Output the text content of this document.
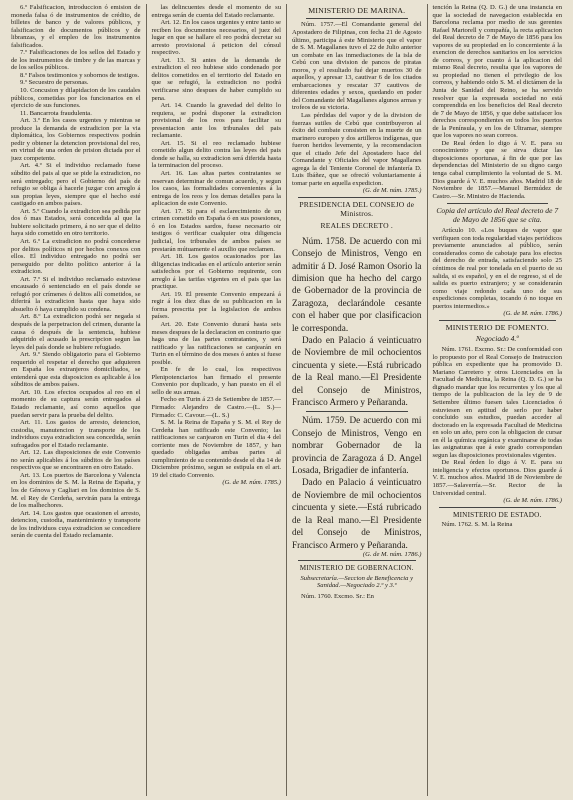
6.º Falsificacion, introduccion ó emision de moneda falsa ó de instrumentos de crédito, de billetes de banco y de valores públicos, y falsificacion de documentos públicos y de libranzas, y el empleo de los instrumentos falsificados.

7.º Falsificaciones de los sellos del Estado y de los instrumentos de timbre y de las marcas y de los sellos públicos.

8.º Falsos testimonios y sobornos de testigos.

9.º Secuestro de personas.

10. Concusion y dilapidacion de los caudales públicos, cometidas por los funcionarios en el ejercicio de sus funciones.

11. Bancarrota fraudulenta.

Art. 3.º En los casos urgentes y mientras se produce la demanda de extradicion por la via diplomática, los Gobiernos respectivos podrán pedir y obtener la detencion provisional del reo, en virtud de una orden de prision dictada por el juez competente.

Art. 4.º Si el individuo reclamado fuese súbdito del pais al que se pide la extradicion, no será entregado; pero el Gobierno del país de refugio se obliga á hacerle juzgar con arreglo á sus propias leyes, siempre que el hecho esté castigado en ambos países.

Art. 5.º Cuando la extradicion sea pedida por dos ó mas Estados, será concedida al que la hubiere solicitado primero, á no ser que el delito haya sido cometido en otro territorio.

Art. 6.º La extradicion no podrá concederse por delitos políticos ni por hechos conexos con ellos. El individuo entregado no podrá ser perseguido por delito político anterior á la extradicion.

Art. 7.º Si el individuo reclamado estuviese encausado ó sentenciado en el país donde se refugió por crímenes ó delitos allí cometidos, se diferirá la extradicion hasta que haya sido absuelto ó haya cumplido su condena.

Art. 8.º La extradicion podrá ser negada si después de la perpetracion del crimen, durante la causa ó después de la sentencia, hubiese adquirido el acusado la prescripcion segun las leyes del país donde se hubiere refugiado.

Art. 9.º Siendo obligatorio para el Gobierno requerido el respetar el derecho que adquieren en España los extranjeros domiciliados, se entenderá que esta disposicion es aplicable á los súbditos de ambos países.

Art. 10. Los efectos ocupados al reo en el momento de su captura serán entregados al Estado reclamante, así como aquellos que puedan servir para la prueba del delito.

Art. 11. Los gastos de arresto, detencion, custodia, manutencion y transporte de los individuos cuya extradicion sea concedida, serán sufragados por el Estado reclamante.

Art. 12. Las disposiciones de este Convenio no serán aplicables á los súbditos de los países respectivos que se encontraren en otro Estado.

Art. 13. Los puertos de Barcelona y Valencia en los dominios de S. M. la Reina de España, y los de Génova y Cagliari en los dominios de S. M. el Rey de Cerdeña, servirán para la entrega de los malhechores.

Art. 14. Los gastos que ocasionen el arresto, detencion, custodia, mantenimiento y transporte de los individuos cuya extradicion se concediere serán de cuenta del Estado reclamante.

las delincuentes desde el momento de su entrega serán de cuenta del Estado reclamante.

Art. 12. En los casos urgentes y entre tanto se reciben los documentos necesarios, el juez del lugar en que se hallare el reo podrá decretar su arresto provisional á peticion del cónsul respectivo.

Art. 13. Si antes de la demanda de extradicion el reo hubiese sido condenado por delitos cometidos en el territorio del Estado en que se refugió, la extradicion no podrá verificarse sino despues de haber cumplido su pena.

Art. 14. Cuando la gravedad del delito lo requiera, se podrá disponer la extradicion provisional de los reos para facilitar su presentacion ante los tribunales del pais reclamante.

Art. 15. Si el reo reclamado hubiese cometido algun delito contra las leyes del pais donde se halla, su extradicion será diferida hasta la terminacion del proceso.

Art. 16. Las altas partes contratantes se reservan determinar de comun acuerdo, y segun los casos, las formalidades convenientes á la entrega de los reos y los demas detalles para la aplicacion de este Convenio.

Art. 17. Si para el esclarecimiento de un crimen cometido en España ó en sus posesiones, ó en los Estados sardos, fuese necesario oir testigos ó verificar cualquier otra diligencia judicial, los tribunales de ambos países se prestarán mútuamente el auxilio que reclamen.

Art. 18. Los gastos ocasionados por las diligencias indicadas en el artículo anterior serán satisfechos por el Gobierno requirente, con arreglo á las tarifas vigentes en el pais que las practique.

Art. 19. El presente Convenio empezará á regir á los diez dias de su publicacion en la forma prescrita por la legislacion de ambos países.

Art. 20. Este Convenio durará hasta seis meses despues de la declaracion en contrario que haga una de las partes contratantes, y será ratificado y las ratificaciones se canjearán en Turin en el término de dos meses ó antes si fuese posible.

En fe de lo cual, los respectivos Plenipotenciarios han firmado el presente Convenio por duplicado, y han puesto en él el sello de sus armas.

Fecho en Turin á 23 de Setiembre de 1857.—Firmado: Alejandro de Castro.—(L. S.)—Firmado: C. Cavour.—(L. S.)

S. M. la Reina de España y S. M. el Rey de Cerdeña han ratificado este Convenio; las ratificaciones se canjearon en Turin el dia 4 del corriente mes de Noviembre de 1857, y han quedado obligadas ambas partes al cumplimiento de su contenido desde el dia 14 de Diciembre próximo, segun se estipula en el art. 19 del citado Convenio.

(G. de M. núm. 1785.)

MINISTERIO DE MARINA.

Núm. 1757.—El Comandante general del Apostadero de Filipinas, con fecha 21 de Agosto último, participa á este Ministerio que el vapor de S. M. Magallanes tuvo el 22 de Julio anterior un combate en las inmediaciones de la isla de Cebú con una division de pancos de piratas moros, y el resultado fué dejar muertos 30 de aquellos, y apresar 13, cautivar 6 de los citados embarcaciones y rescatar 37 cautivos de diferentes edades y sexos, quedando en poder del Comandante del Magallanes algunos armas y trofeos de su victoria.

Las pérdidas del vapor y de la division de fuerzas sutiles de Cebú que contribuyeron al éxito del combate consisten en la muerte de un marinero europeo y dos artilleros indígenas, que fueron heridos levemente, y la recomendacion que el citado Jefe del Apostadero hace del Comandante y Oficiales del vapor Magallanes agrega la del Teniente Coronel de infantería D. Luis Ibáñez, que se ofreció voluntariamente á tomar parte en aquella expedicion.

(G. de M. núm. 1785.)

PRESIDENCIA DEL CONSEJO de Ministros.
REALES DECRETO .

Núm. 1758. De acuerdo con mi Consejo de Ministros, Vengo en admitir á D. José Ramon Osorio la dimision que ha hecho del cargo de Gobernador de la provincia de Zaragoza, declarándole cesante con el haber que por clasificacion le corresponda.

Dado en Palacio á veinticuatro de Noviembre de mil ochocientos cincuenta y siete.—Está rubricado de la Real mano.—El Presidente del Consejo de Ministros, Francisco Armero y Peñaranda.

Núm. 1759. De acuerdo con mi Consejo de Ministros, Vengo en nombrar Gobernador de la provincia de Zaragoza á D. Angel Losada, Brigadier de infantería.

Dado en Palacio á veinticuatro de Noviembre de mil ochocientos cincuenta y siete.—Está rubricado de la Real mano.—El Presidente del Consejo de Ministros, Francisco Armero y Peñaranda.

(G. de M. núm. 1786.)

MINISTERIO DE GOBERNACION.
Subsecretaría.—Seccion de Beneficencia y Sanidad.—Negociado 2.º y 3.º

Núm. 1760. Excmo. Sr.: En

tención la Reina (Q. D. G.) de una instancia en que la sociedad de navegacion establecida en Barcelona reclama por medio de sus gerentes Rafael Martorell y compañía, la recta aplicacion del Real decreto de 7 de Mayo de 1856 para los vapores de su propiedad en lo concerniente á la exencion de derechos sanitarios en los servicios de correos, y por cuanto á la aplicacion del mismo Real decreto, resulta que los vapores de su propiedad no tienen el privilegio de los correos, y habiendo oido S. M. el dictámen de la Junta de Sanidad del Reino, se ha servido resolver que la expresada sociedad no está comprendida en los beneficios del Real decreto de 7 de Mayo de 1856, y que debe satisfacer los derechos correspondientes en todos los puertos de la Península, y en los de Ultramar, siempre que los vapores no sean correos.

De Real órden lo digo á V. E. para su conocimiento y que se sirva dictar las disposiciones oportunas, á fin de que por las dependencias del Ministerio de su digno cargo tenga cabal cumplimiento la voluntad de S. M. Dios guarde á V. E. muchos años. Madrid 18 de Noviembre de 1857.—Manuel Bermúdez de Castro.—Sr. Ministro de Hacienda.

Copia del artículo del Real decreto de 7 de Mayo de 1856 que se cita.

Artículo 10. «Los buques de vapor que verifiquen con toda regularidad viajes periódicos previamente anunciados al público, serán considerados como de cabotaje para los efectos del derecho de entrada, satisfaciendo solo 25 céntimos de real por tonelada en el puerto de su salida, si es español, y en el de regreso, si el de salida es puerto extranjero; y se considerarán como viaje redondo cada uno de sus expediciones completas, tocando ó no toque en puertos intermedios.»

(G. de M. núm. 1786.)

MINISTERIO DE FOMENTO.
Negociado 4.º

Núm. 1761. Excmo. Sr.: De conformidad con lo propuesto por el Real Consejo de Instruccion pública en expediente que ha promovido D. Mariano Carretero y otros Licenciados en la Facultad de Medicina, la Reina (Q. D. G.) se ha dignado mandar que los recurrentes y los que al tiempo de la publicacion de la ley de 9 de Setiembre último fuesen tales Licenciados ó estuviesen en aptitud de serlo por haber concluido sus estudios, puedan acceder al doctorado en la expresada Facultad de Medicina en solo un año, pero con la obligacion de cursar en él la química orgánica y examinarse de todas las asignaturas que á este grado correspondan segun las disposiciones provisionales vigentes.

De Real órden lo digo á V. E. para su inteligencia y efectos oportunos. Dios guarde á V. E. muchos años. Madrid 18 de Noviembre de 1857.—Salaverría.—Sr. Rector de la Universidad central.

(G. de M. núm. 1786.)

MINISTERIO DE ESTADO.

Núm. 1762. S. M. la Reina
